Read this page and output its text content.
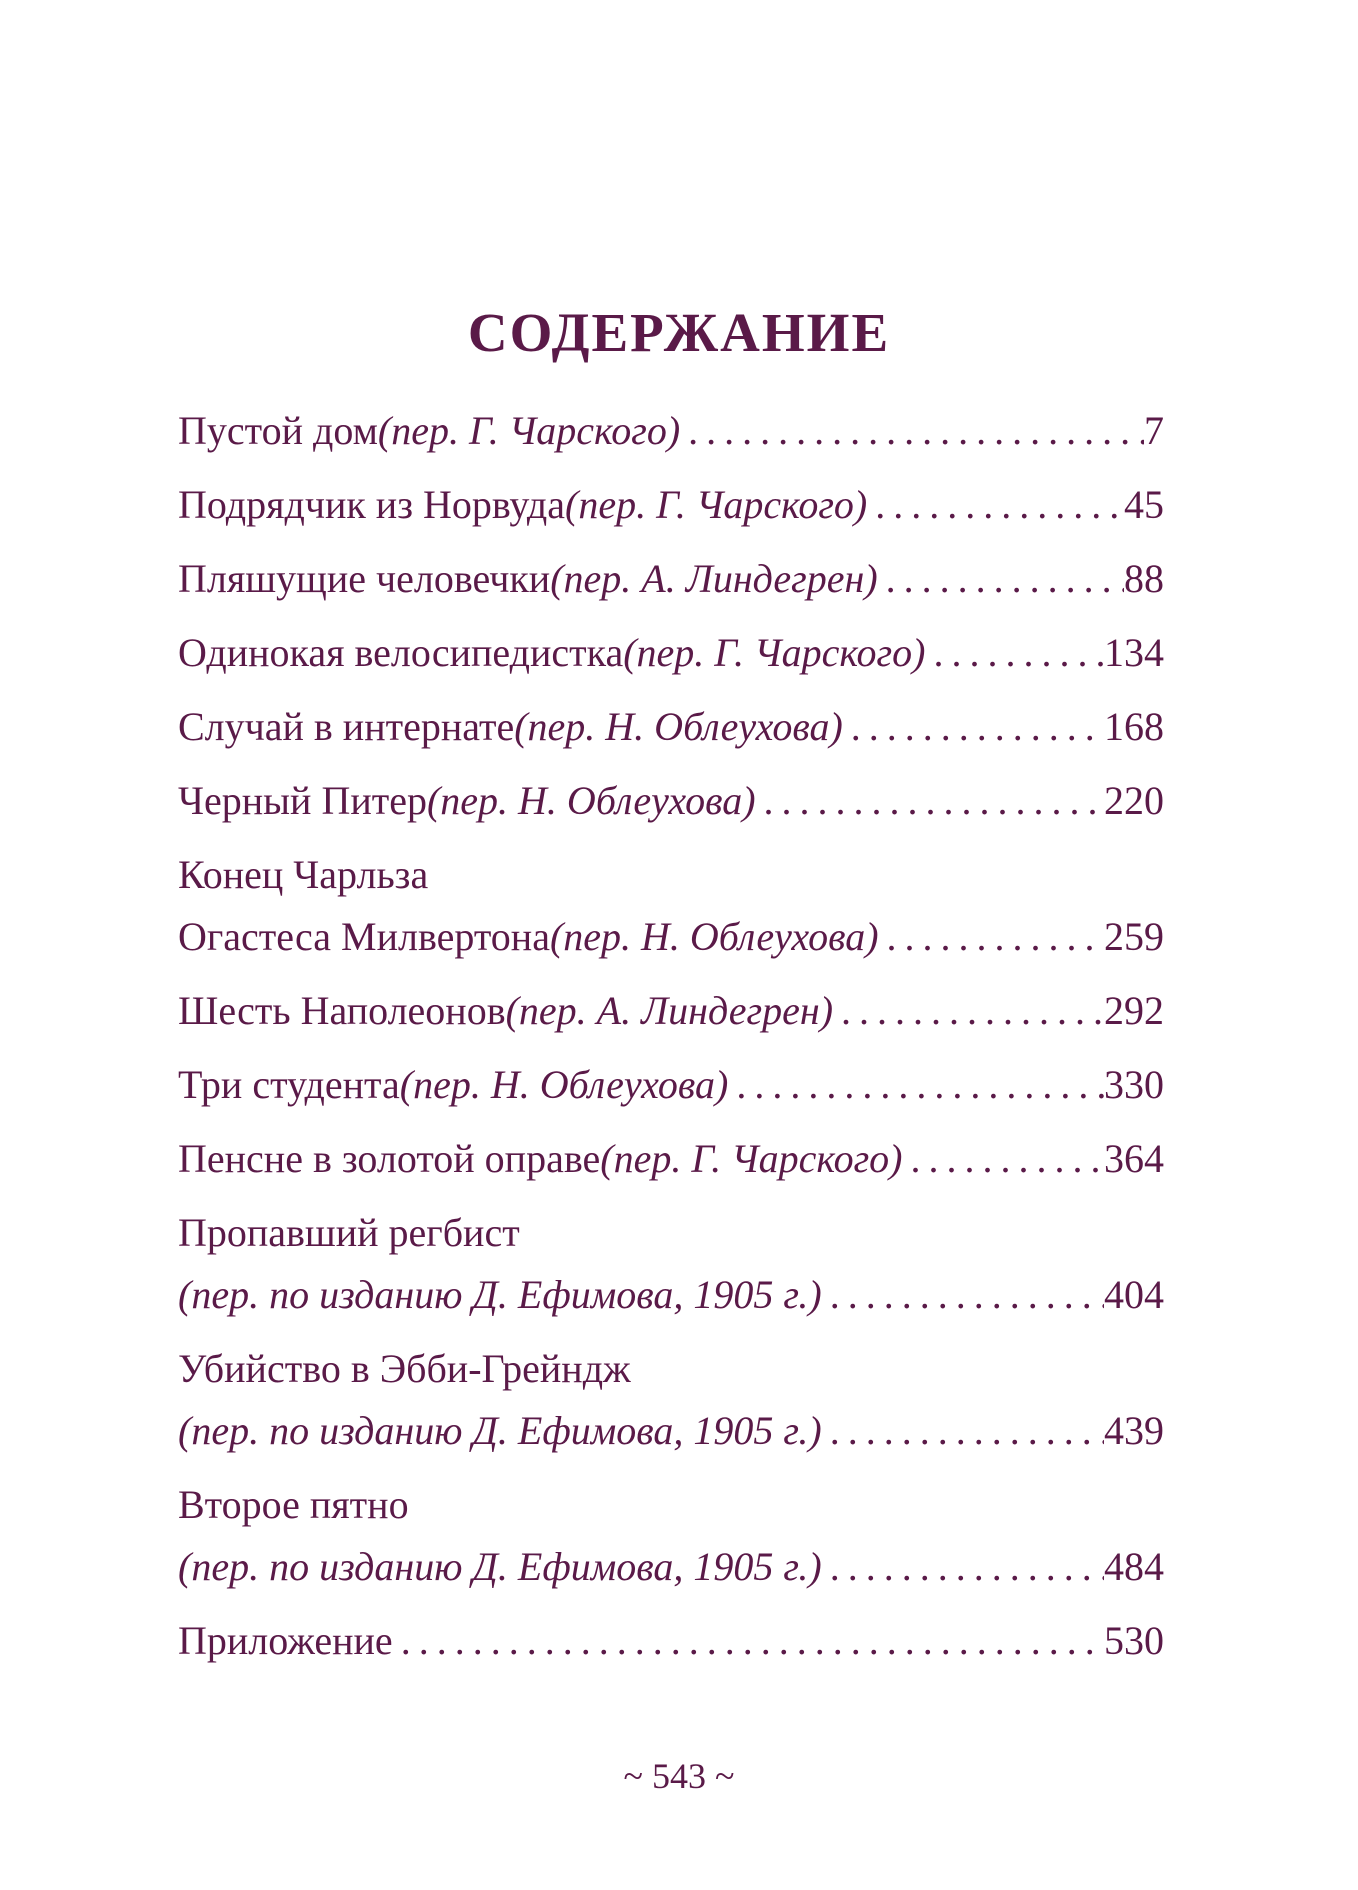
СОДЕРЖАНИЕ
Пустой дом (пер. Г. Чарского) . . .	7
Подрядчик из Норвуда (пер. Г. Чарского) . . .	45
Пляшущие человечки (пер. А. Линдегрен) . . .	88
Одинокая велосипедистка (пер. Г. Чарского) . . .	134
Случай в интернате (пер. Н. Облеухова) . . .	168
Черный Питер (пер. Н. Облеухова) . . .	220
Конец Чарльза
Огастеса Милвертона (пер. Н. Облеухова) . . .	259
Шесть Наполеонов (пер. А. Линдегрен) . . .	292
Три студента (пер. Н. Облеухова) . . .	330
Пенсне в золотой оправе (пер. Г. Чарского) . . .	364
Пропавший регбист
(пер. по изданию Д. Ефимова, 1905 г.) . . .	404
Убийство в Эбби-Грейндж
(пер. по изданию Д. Ефимова, 1905 г.) . . .	439
Второе пятно
(пер. по изданию Д. Ефимова, 1905 г.) . . .	484
Приложение . . .	530
~ 543 ~
